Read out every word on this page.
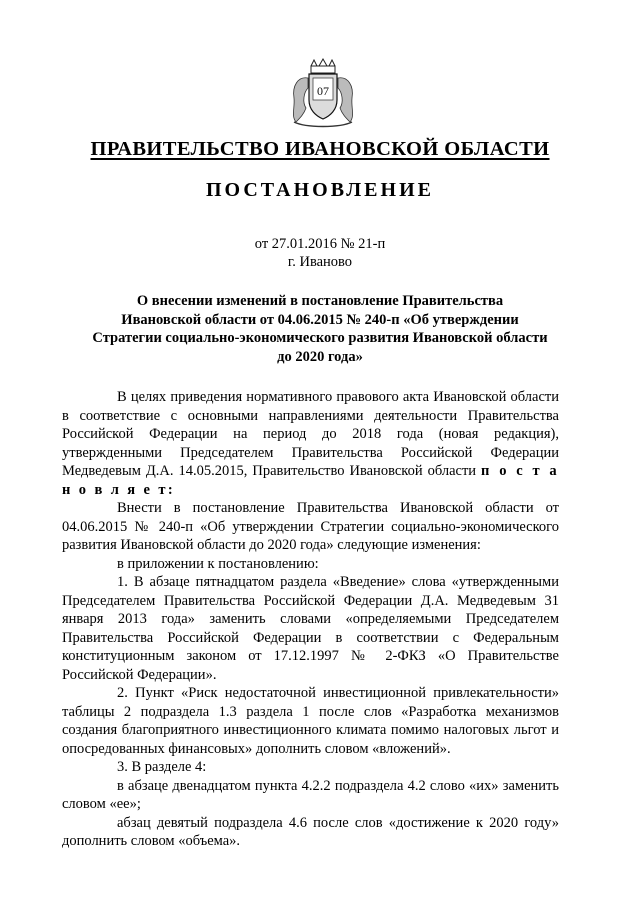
07
ПРАВИТЕЛЬСТВО ИВАНОВСКОЙ ОБЛАСТИ
ПОСТАНОВЛЕНИЕ
от 27.01.2016 № 21-п
г. Иваново
О внесении изменений в постановление Правительства
Ивановской области от 04.06.2015 № 240-п «Об утверждении
Стратегии социально-экономического развития Ивановской области
до 2020 года»

В целях приведения нормативного правового акта Ивановской области в соответствие с основными направлениями деятельности Правительства Российской Федерации на период до 2018 года (новая редакция), утвержденными Председателем Правительства Российской Федерации Медведевым Д.А. 14.05.2015, Правительство Ивановской области п о с т а н о в л я е т:

Внести в постановление Правительства Ивановской области от 04.06.2015 № 240-п «Об утверждении Стратегии социально-экономического развития Ивановской области до 2020 года» следующие изменения:

в приложении к постановлению:

1. В абзаце пятнадцатом раздела «Введение» слова «утвержденными Председателем Правительства Российской Федерации Д.А. Медведевым 31 января 2013 года» заменить словами «определяемыми Председателем Правительства Российской Федерации в соответствии с Федеральным конституционным законом от 17.12.1997 № 2-ФКЗ «О Правительстве Российской Федерации».

2. Пункт «Риск недостаточной инвестиционной привлекательности» таблицы 2 подраздела 1.3 раздела 1 после слов «Разработка механизмов создания благоприятного инвестиционного климата помимо налоговых льгот и опосредованных финансовых» дополнить словом «вложений».

3. В разделе 4:

в абзаце двенадцатом пункта 4.2.2 подраздела 4.2 слово «их» заменить словом «ее»;

абзац девятый подраздела 4.6 после слов «достижение к 2020 году» дополнить словом «объема».
